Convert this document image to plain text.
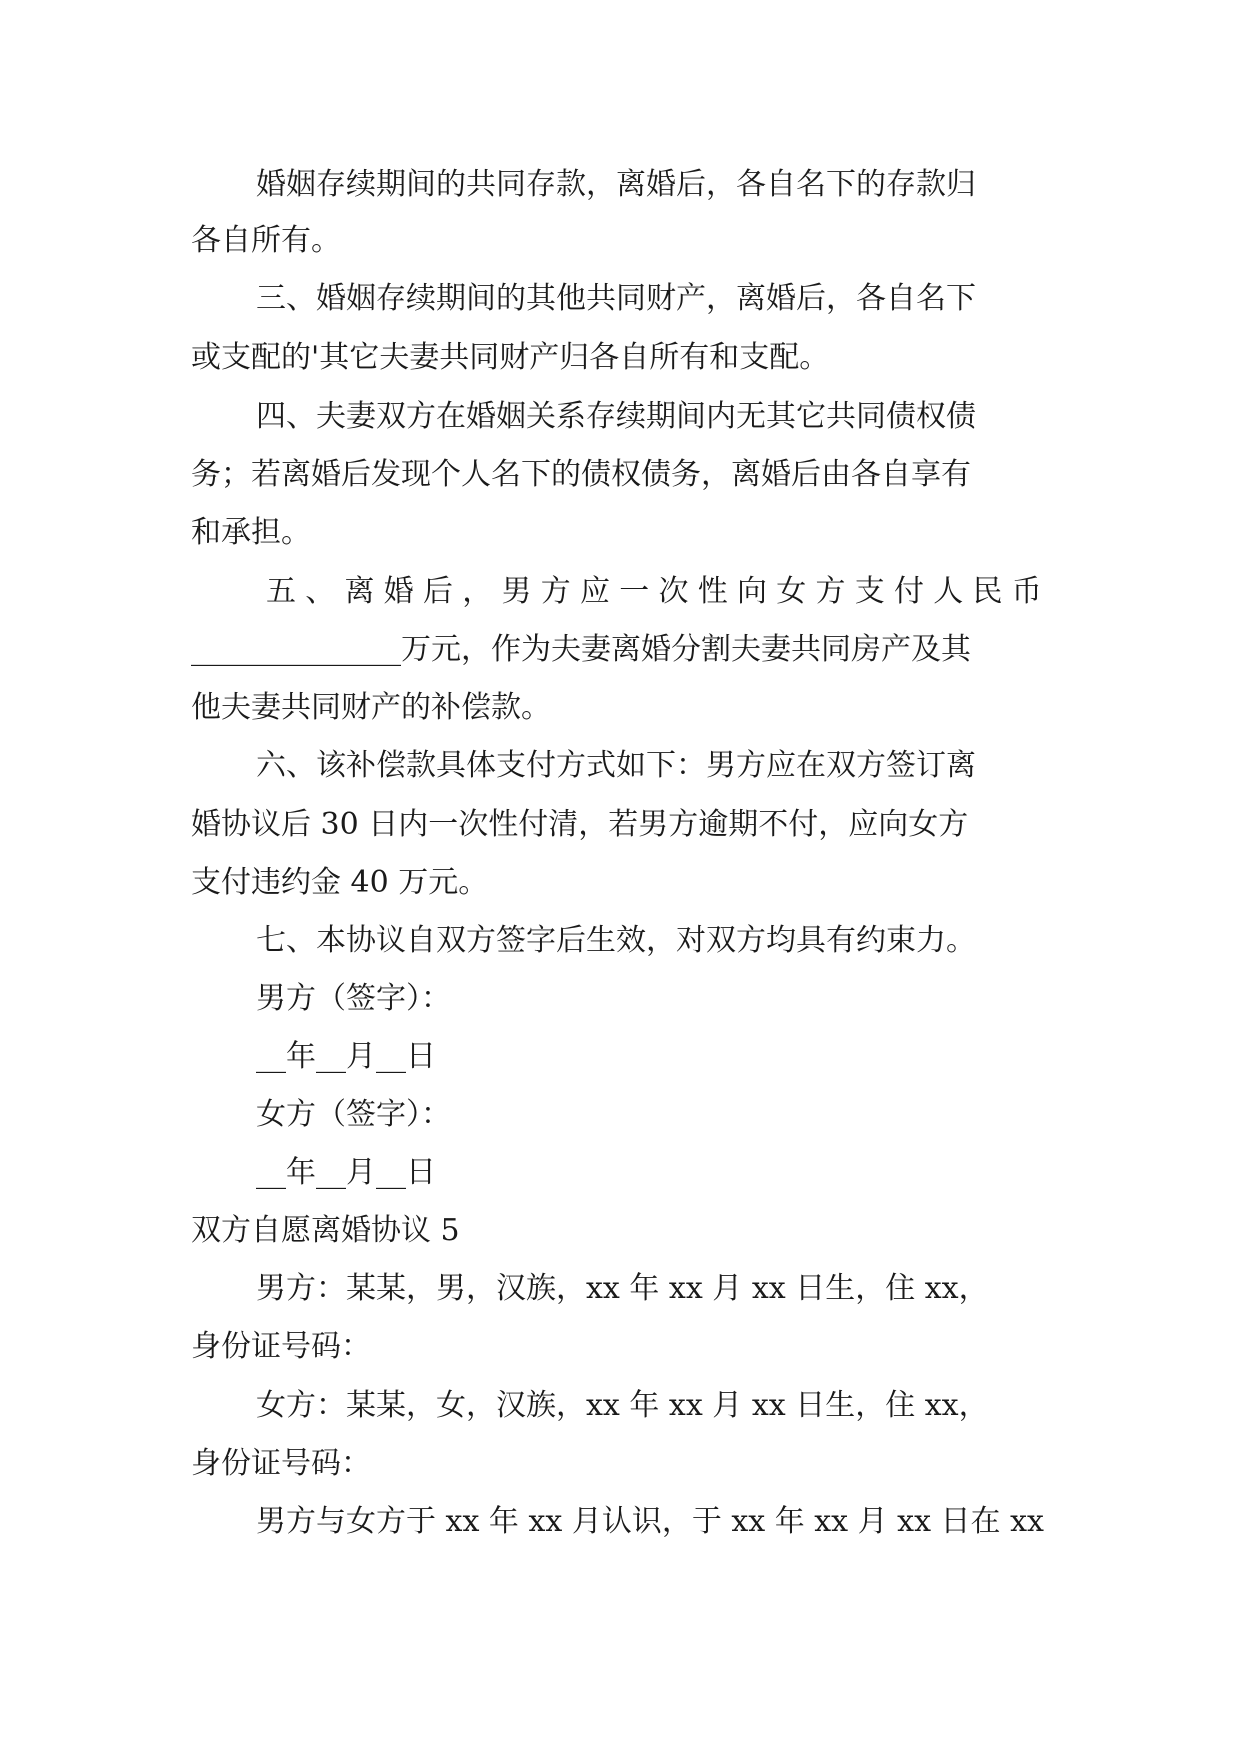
婚姻存续期间的共同存款，离婚后，各自名下的存款归
各自所有。
三、婚姻存续期间的其他共同财产，离婚后，各自名下
或支配的'其它夫妻共同财产归各自所有和支配。
四、夫妻双方在婚姻关系存续期间内无其它共同债权债
务；若离婚后发现个人名下的债权债务，离婚后由各自享有
和承担。
五 、 离 婚 后 ， 男 方 应 一 次 性 向 女 方 支 付 人 民 币
______________万元，作为夫妻离婚分割夫妻共同房产及其
他夫妻共同财产的补偿款。
六、该补偿款具体支付方式如下：男方应在双方签订离
婚协议后 30 日内一次性付清，若男方逾期不付，应向女方
支付违约金 40 万元。
七、本协议自双方签字后生效，对双方均具有约束力。
男方（签字）：
__年__月__日
女方（签字）：
__年__月__日
双方自愿离婚协议 5
男方：某某，男，汉族，xx 年 xx 月 xx 日生，住 xx，
身份证号码：
女方：某某，女，汉族，xx 年 xx 月 xx 日生，住 xx，
身份证号码：
男方与女方于 xx 年 xx 月认识，于 xx 年 xx 月 xx 日在 xx
